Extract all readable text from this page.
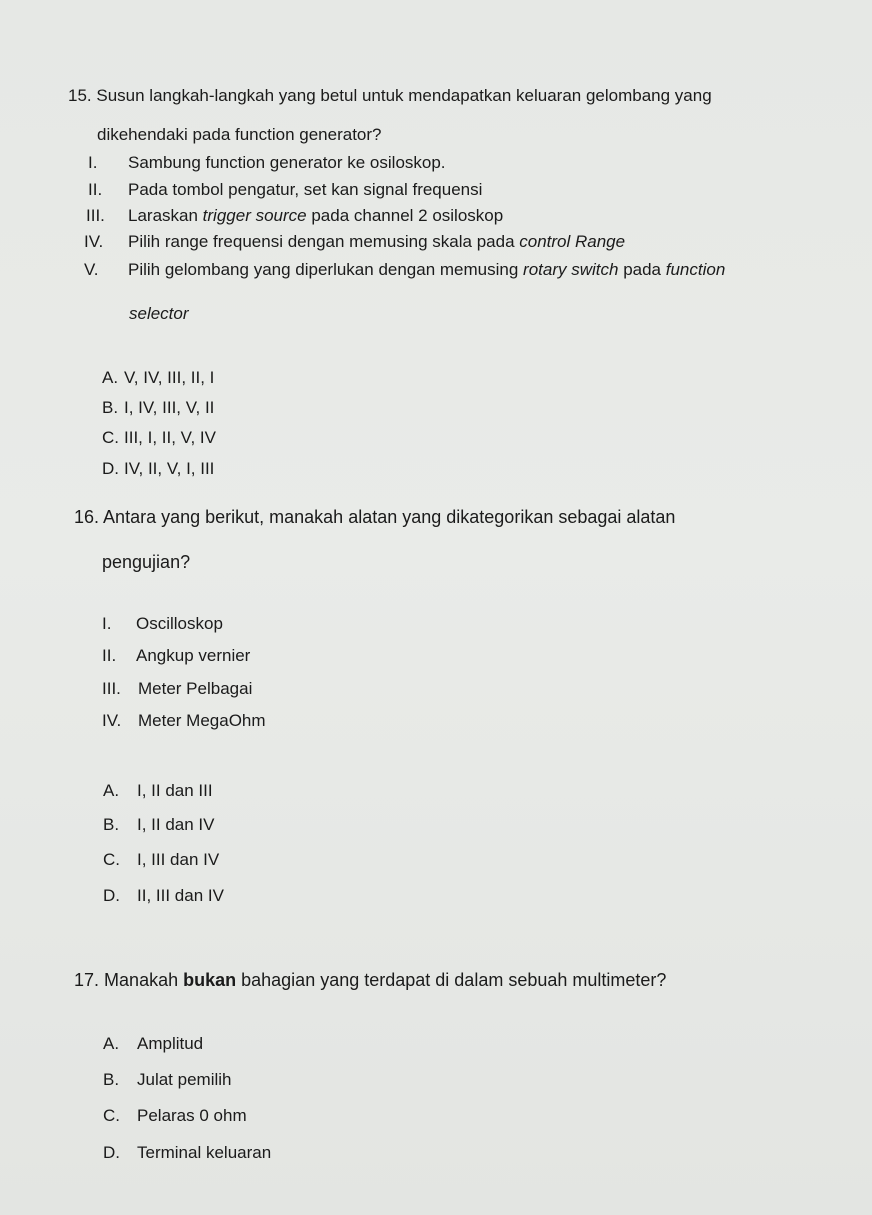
15. Susun langkah-langkah yang betul untuk mendapatkan keluaran gelombang yang
dikehendaki pada function generator?
I. Sambung function generator ke osiloskop.
II. Pada tombol pengatur, set kan signal frequensi
III. Laraskan trigger source pada channel 2 osiloskop
IV. Pilih range frequensi dengan memusing skala pada control Range
V. Pilih gelombang yang diperlukan dengan memusing rotary switch pada function
selector
A. V, IV, III, II, I
B. I, IV, III, V, II
C. III, I, II, V, IV
D. IV, II, V, I, III
16. Antara yang berikut, manakah alatan yang dikategorikan sebagai alatan
pengujian?
I. Oscilloskop
II. Angkup vernier
III. Meter Pelbagai
IV. Meter MegaOhm
A. I, II dan III
B. I, II dan IV
C. I, III dan IV
D. II, III dan IV
17. Manakah bukan bahagian yang terdapat di dalam sebuah multimeter?
A. Amplitud
B. Julat pemilih
C. Pelaras 0 ohm
D. Terminal keluaran
